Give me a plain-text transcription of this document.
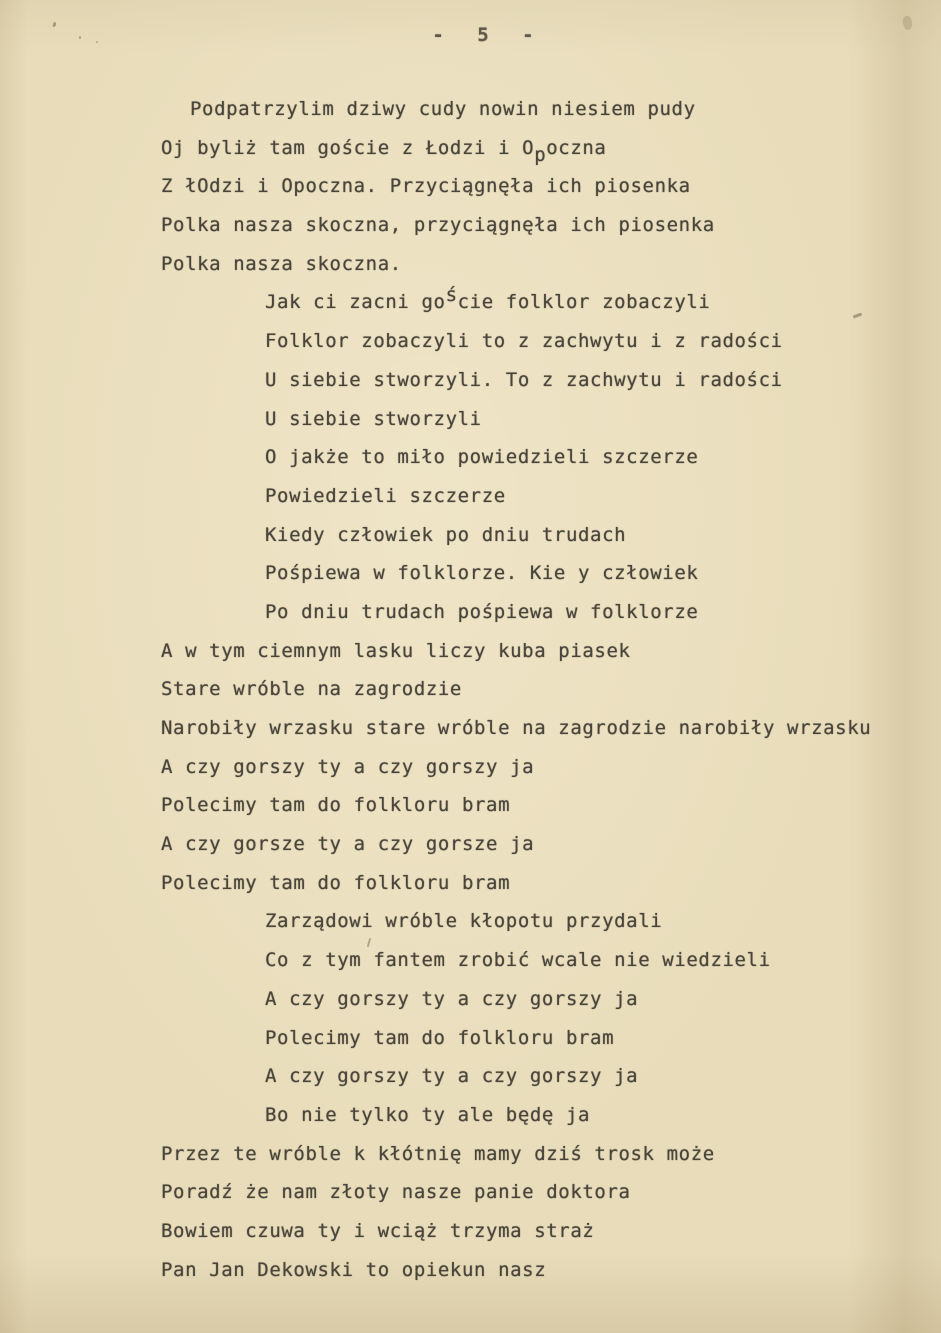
- 5 -
Podpatrzylim dziwy cudy nowin niesiem pudy
Oj byliż tam goście z Łodzi i Opoczna
Z łOdzi i Opoczna. Przyciągnęła ich piosenka
Polka nasza skoczna, przyciągnęła ich piosenka
Polka nasza skoczna.
Jak ci zacni goście folklor zobaczyli
Folklor zobaczyli to z zachwytu i z radości
U siebie stworzyli. To z zachwytu i radości
U siebie stworzyli
O jakże to miło powiedzieli szczerze
Powiedzieli szczerze
Kiedy człowiek po dniu trudach
Pośpiewa w folklorze. Kie y człowiek
Po dniu trudach pośpiewa w folklorze
A w tym ciemnym lasku liczy kuba piasek
Stare wróble na zagrodzie
Narobiły wrzasku stare wróble na zagrodzie narobiły wrzasku
A czy gorszy ty a czy gorszy ja
Polecimy tam do folkloru bram
A czy gorsze ty a czy gorsze ja
Polecimy tam do folkloru bram
Zarządowi wróble kłopotu przydali
Co z tym fantem zrobić wcale nie wiedzieli
A czy gorszy ty a czy gorszy ja
Polecimy tam do folkloru bram
A czy gorszy ty a czy gorszy ja
Bo nie tylko ty ale będę ja
Przez te wróble k kłótnię mamy dziś trosk może
Poradź że nam złoty nasze panie doktora
Bowiem czuwa ty i wciąż trzyma straż
Pan Jan Dekowski to opiekun nasz
